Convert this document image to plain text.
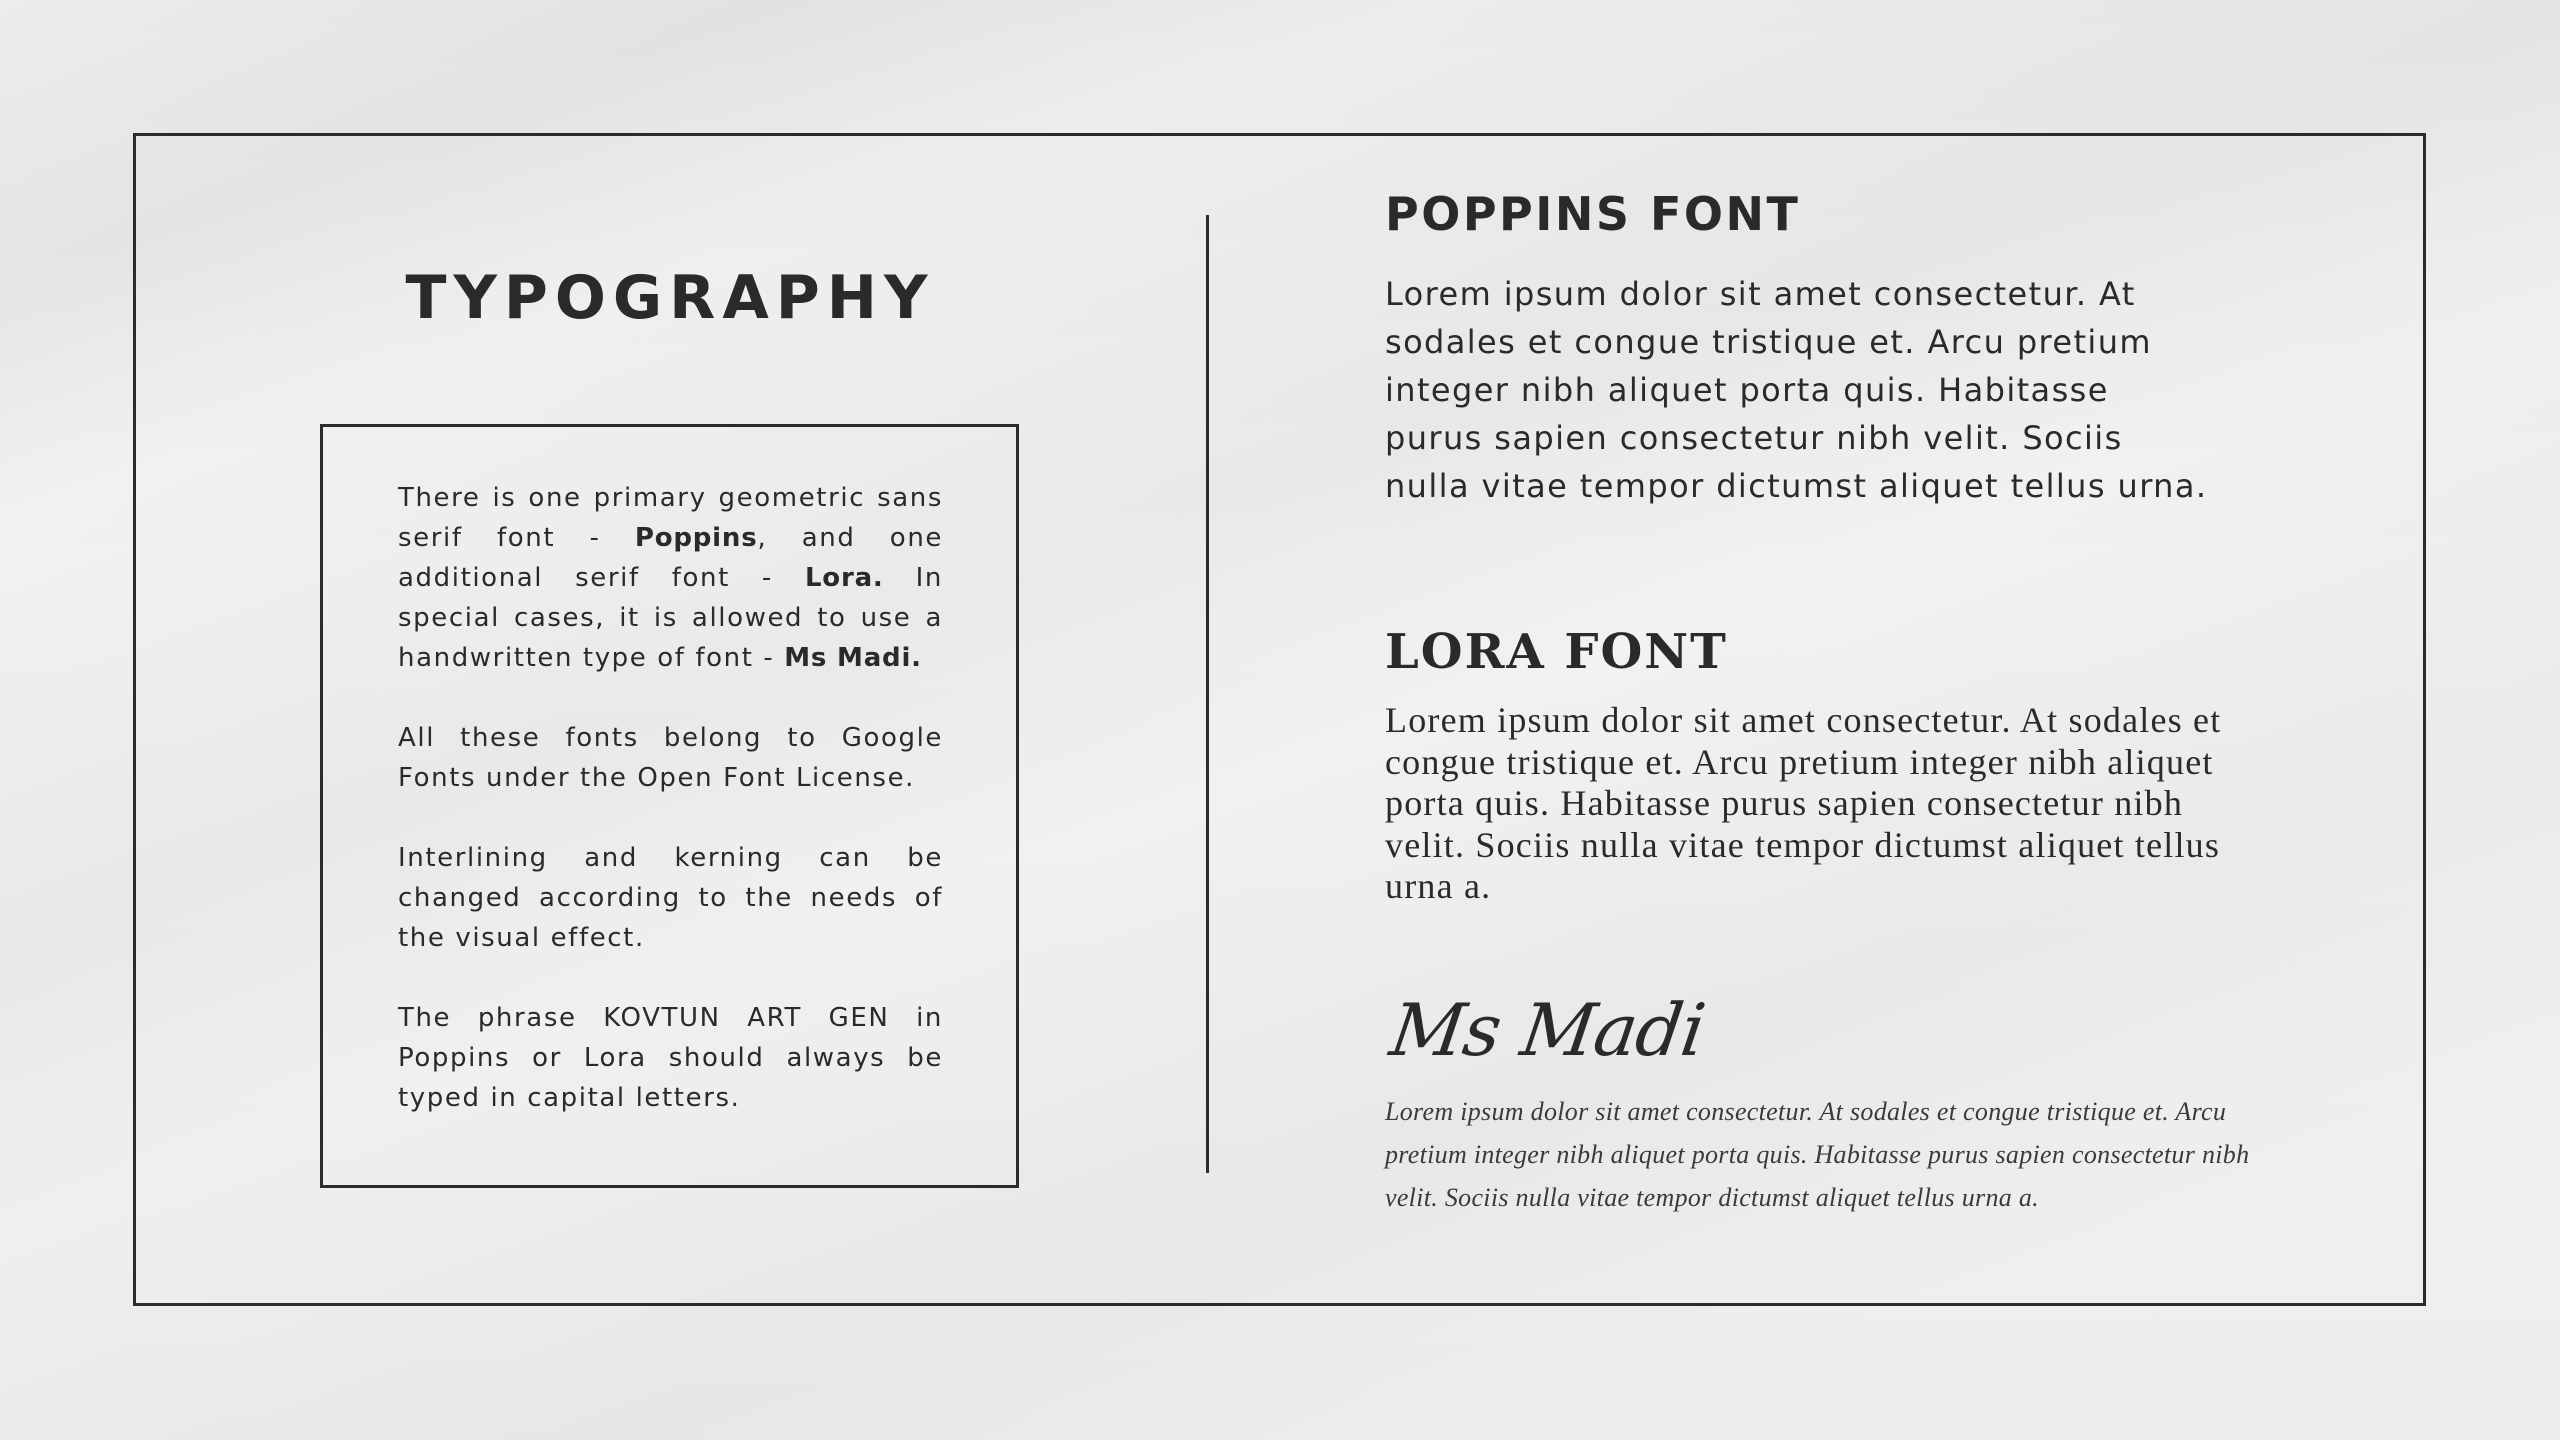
TYPOGRAPHY

There is one primary geometric sans serif font - Poppins, and one additional serif font - Lora. In special cases, it is allowed to use a handwritten type of font - Ms Madi.

All these fonts belong to Google Fonts under the Open Font License.

Interlining and kerning can be changed according to the needs of the visual effect.

The phrase KOVTUN ART GEN in Poppins or Lora should always be typed in capital letters.

POPPINS FONT

Lorem ipsum dolor sit amet consectetur. At sodales et congue tristique et. Arcu pretium integer nibh aliquet porta quis. Habitasse purus sapien consectetur nibh velit. Sociis nulla vitae tempor dictumst aliquet tellus urna.

LORA FONT

Lorem ipsum dolor sit amet consectetur. At sodales et congue tristique et. Arcu pretium integer nibh aliquet porta quis. Habitasse purus sapien consectetur nibh velit. Sociis nulla vitae tempor dictumst aliquet tellus urna a.

Ms Madi

Lorem ipsum dolor sit amet consectetur. At sodales et congue tristique et. Arcu pretium integer nibh aliquet porta quis. Habitasse purus sapien consectetur nibh velit. Sociis nulla vitae tempor dictumst aliquet tellus urna a.
